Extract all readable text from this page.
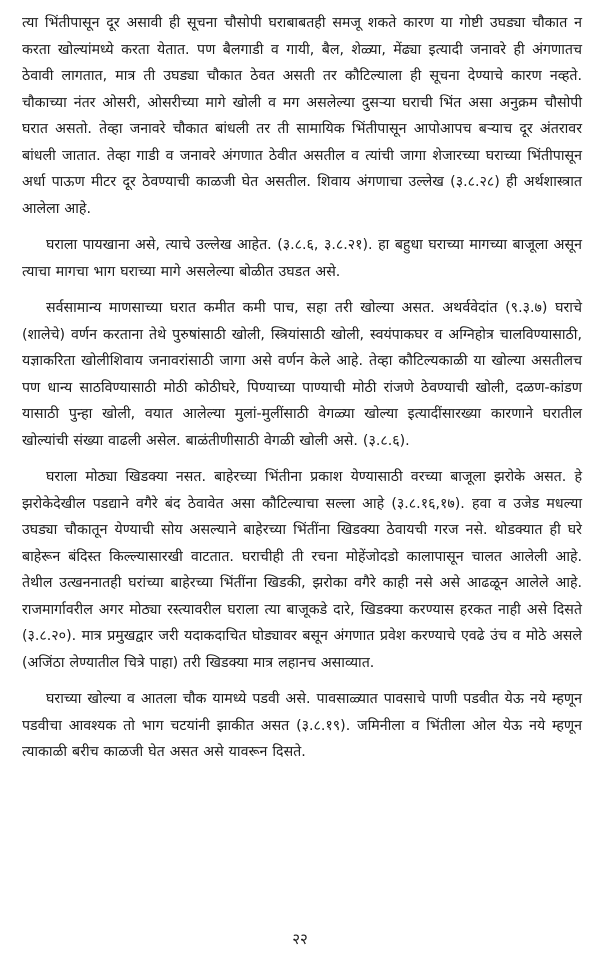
त्या भिंतीपासून दूर असावी ही सूचना चौसोपी घराबाबतही समजू शकते कारण या गोष्टी उघड्या चौकात न करता खोल्यांमध्ये करता येतात. पण बैलगाडी व गायी, बैल, शेळ्या, मेंढ्या इत्यादी जनावरे ही अंगणातच ठेवावी लागतात, मात्र ती उघड्या चौकात ठेवत असती तर कौटिल्याला ही सूचना देण्याचे कारण नव्हते. चौकाच्या नंतर ओसरी, ओसरीच्या मागे खोली व मग असलेल्या दुसऱ्या घराची भिंत असा अनुक्रम चौसोपी घरात असतो. तेव्हा जनावरे चौकात बांधली तर ती सामायिक भिंतीपासून आपोआपच बऱ्याच दूर अंतरावर बांधली जातात. तेव्हा गाडी व जनावरे अंगणात ठेवीत असतील व त्यांची जागा शेजारच्या घराच्या भिंतीपासून अर्धा पाऊण मीटर दूर ठेवण्याची काळजी घेत असतील. शिवाय अंगणाचा उल्लेख (३.८.२८) ही अर्थशास्त्रात आलेला आहे.

घराला पायखाना असे, त्याचे उल्लेख आहेत. (३.८.६, ३.८.२१). हा बहुधा घराच्या मागच्या बाजूला असून त्याचा मागचा भाग घराच्या मागे असलेल्या बोळीत उघडत असे.

सर्वसामान्य माणसाच्या घरात कमीत कमी पाच, सहा तरी खोल्या असत. अथर्ववेदांत (९.३.७) घराचे (शालेचे) वर्णन करताना तेथे पुरुषांसाठी खोली, स्त्रियांसाठी खोली, स्वयंपाकघर व अग्निहोत्र चालविण्यासाठी, यज्ञाकरिता खोलीशिवाय जनावरांसाठी जागा असे वर्णन केले आहे. तेव्हा कौटिल्यकाळी या खोल्या असतीलच पण धान्य साठविण्यासाठी मोठी कोठीघरे, पिण्याच्या पाण्याची मोठी रांजणे ठेवण्याची खोली, दळण-कांडण यासाठी पुन्हा खोली, वयात आलेल्या मुलां-मुलींसाठी वेगळ्या खोल्या इत्यादींसारख्या कारणाने घरातील खोल्यांची संख्या वाढली असेल. बाळंतीणीसाठी वेगळी खोली असे. (३.८.६).

घराला मोठ्या खिडक्या नसत. बाहेरच्या भिंतीना प्रकाश येण्यासाठी वरच्या बाजूला झरोके असत. हे झरोकेदेखील पडद्याने वगैरे बंद ठेवावेत असा कौटिल्याचा सल्ला आहे (३.८.१६,१७). हवा व उजेड मधल्या उघड्या चौकातून येण्याची सोय असल्याने बाहेरच्या भिंतींना खिडक्या ठेवायची गरज नसे. थोडक्यात ही घरे बाहेरून बंदिस्त किल्ल्यासारखी वाटतात. घराचीही ती रचना मोहेंजोदडो कालापासून चालत आलेली आहे. तेथील उत्खननातही घरांच्या बाहेरच्या भिंतींना खिडकी, झरोका वगैरे काही नसे असे आढळून आलेले आहे. राजमार्गावरील अगर मोठ्या रस्त्यावरील घराला त्या बाजूकडे दारे, खिडक्या करण्यास हरकत नाही असे दिसते (३.८.२०). मात्र प्रमुखद्वार जरी यदाकदाचित घोड्यावर बसून अंगणात प्रवेश करण्याचे एवढे उंच व मोठे असले (अजिंठा लेण्यातील चित्रे पाहा) तरी खिडक्या मात्र लहानच असाव्यात.

घराच्या खोल्या व आतला चौक यामध्ये पडवी असे. पावसाळ्यात पावसाचे पाणी पडवीत येऊ नये म्हणून पडवीचा आवश्यक तो भाग चटयांनी झाकीत असत (३.८.१९). जमिनीला व भिंतीला ओल येऊ नये म्हणून त्याकाळी बरीच काळजी घेत असत असे यावरून दिसते.

२२
